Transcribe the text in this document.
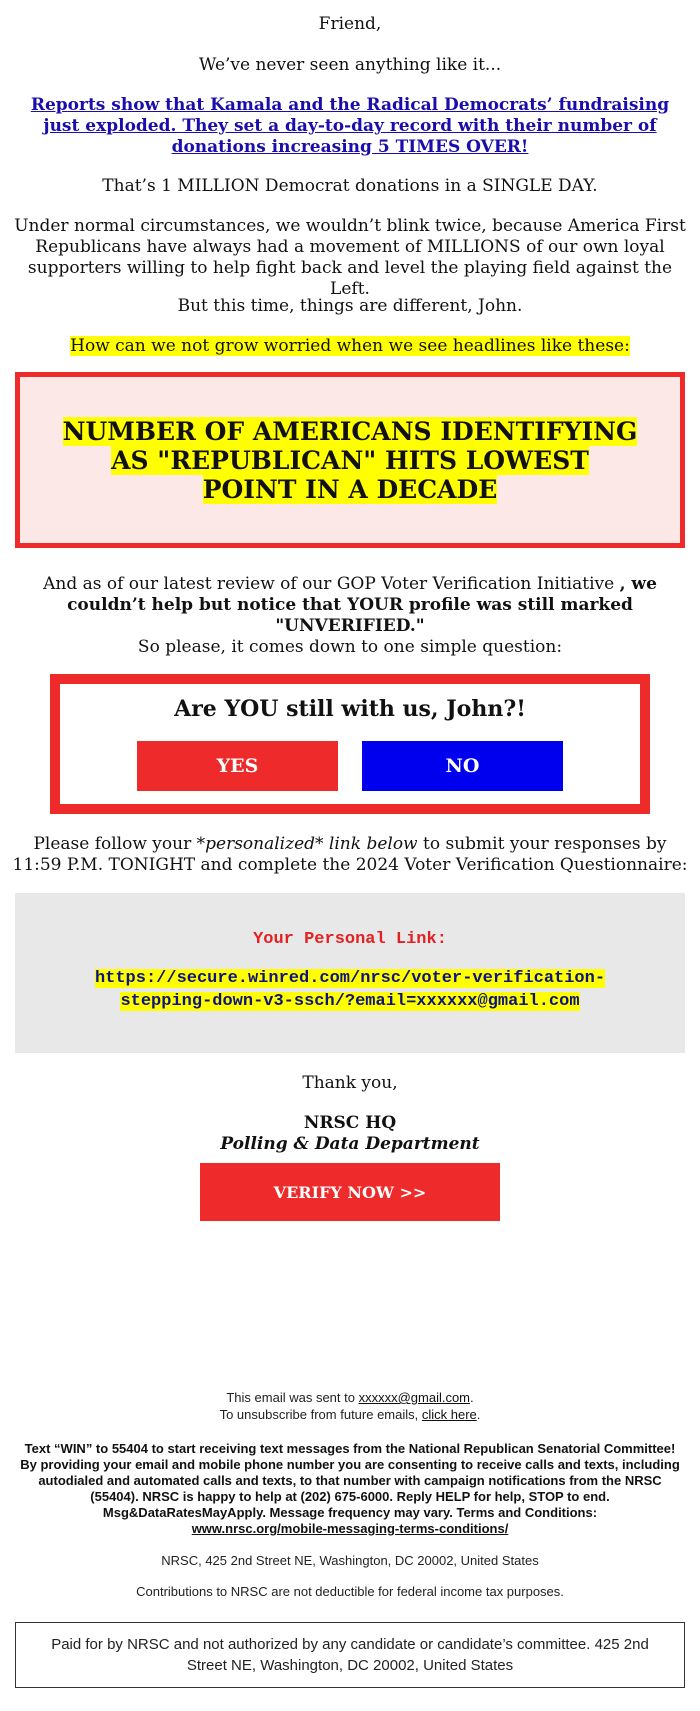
Friend,
We’ve never seen anything like it...
Reports show that Kamala and the Radical Democrats’ fundraising just exploded. They set a day-to-day record with their number of donations increasing 5 TIMES OVER!
That’s 1 MILLION Democrat donations in a SINGLE DAY.
Under normal circumstances, we wouldn’t blink twice, because America First Republicans have always had a movement of MILLIONS of our own loyal supporters willing to help fight back and level the playing field against the Left.
But this time, things are different, John.
How can we not grow worried when we see headlines like these:
NUMBER OF AMERICANS IDENTIFYING AS "REPUBLICAN" HITS LOWEST POINT IN A DECADE
And as of our latest review of our GOP Voter Verification Initiative , we couldn’t help but notice that YOUR profile was still marked "UNVERIFIED."
So please, it comes down to one simple question:
Are YOU still with us, John?!
YES	NO
Please follow your *personalized* link below to submit your responses by 11:59 P.M. TONIGHT and complete the 2024 Voter Verification Questionnaire:
Your Personal Link:
https://secure.winred.com/nrsc/voter-verification-stepping-down-v3-ssch/?email=xxxxxx@gmail.com
Thank you,
NRSC HQ
Polling & Data Department
VERIFY NOW >>
This email was sent to xxxxxx@gmail.com.
To unsubscribe from future emails, click here.
Text “WIN” to 55404 to start receiving text messages from the National Republican Senatorial Committee! By providing your email and mobile phone number you are consenting to receive calls and texts, including autodialed and automated calls and texts, to that number with campaign notifications from the NRSC (55404). NRSC is happy to help at (202) 675-6000. Reply HELP for help, STOP to end. Msg&DataRatesMayApply. Message frequency may vary. Terms and Conditions:
www.nrsc.org/mobile-messaging-terms-conditions/
NRSC, 425 2nd Street NE, Washington, DC 20002, United States
Contributions to NRSC are not deductible for federal income tax purposes.
Paid for by NRSC and not authorized by any candidate or candidate’s committee. 425 2nd Street NE, Washington, DC 20002, United States
